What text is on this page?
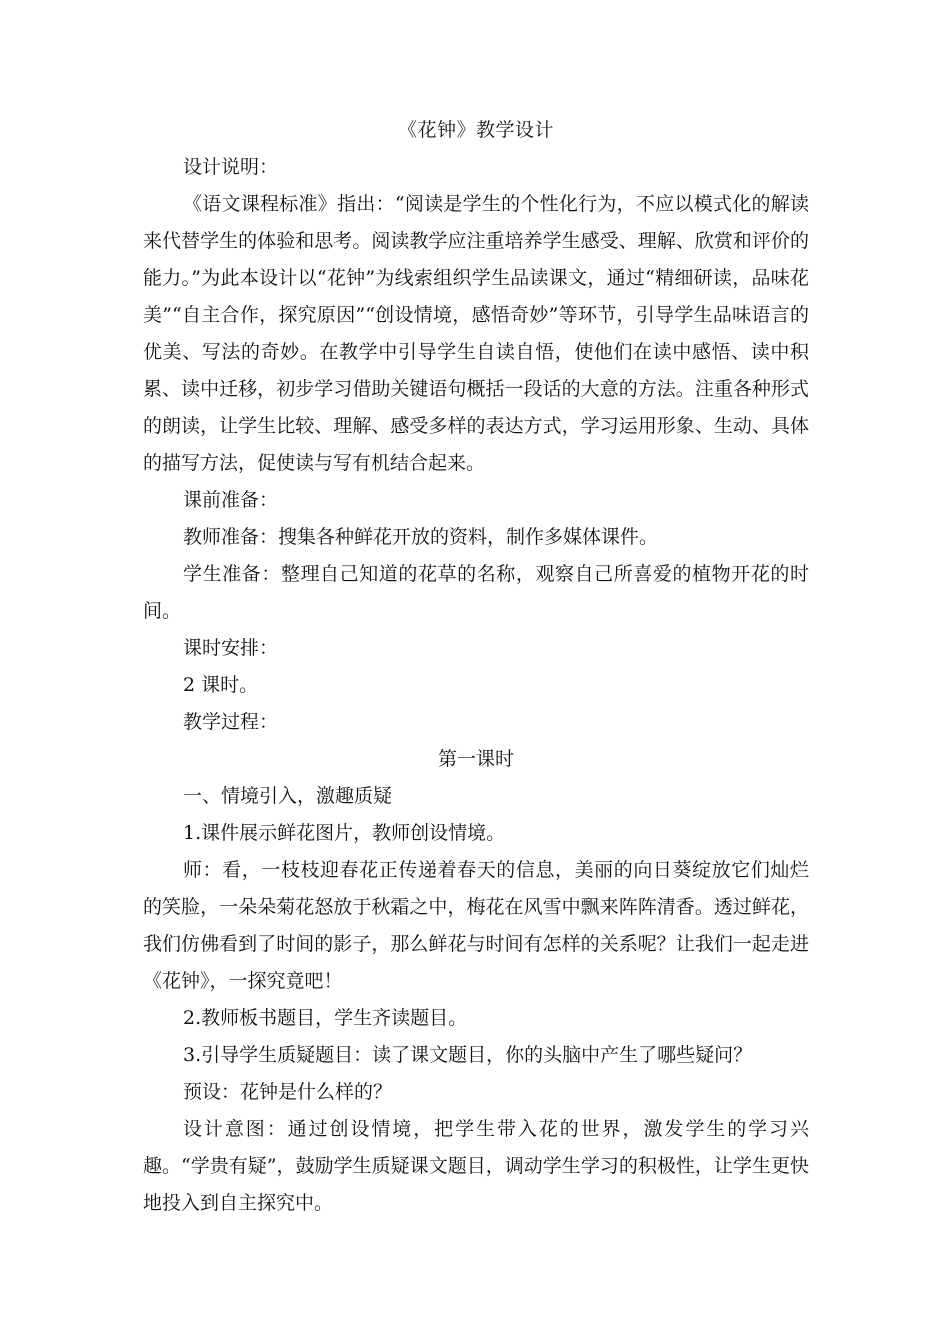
《花钟》教学设计

设计说明：

《语文课程标准》指出：“阅读是学生的个性化行为，不应以模式化的解读来代替学生的体验和思考。阅读教学应注重培养学生感受、理解、欣赏和评价的能力。”为此本设计以“花钟”为线索组织学生品读课文，通过“精细研读，品味花美”“自主合作，探究原因”“创设情境，感悟奇妙”等环节，引导学生品味语言的优美、写法的奇妙。在教学中引导学生自读自悟，使他们在读中感悟、读中积累、读中迁移，初步学习借助关键语句概括一段话的大意的方法。注重各种形式的朗读，让学生比较、理解、感受多样的表达方式，学习运用形象、生动、具体的描写方法，促使读与写有机结合起来。

课前准备：

教师准备：搜集各种鲜花开放的资料，制作多媒体课件。

学生准备：整理自己知道的花草的名称，观察自己所喜爱的植物开花的时间。

课时安排：

2 课时。

教学过程：

第一课时

一、情境引入，激趣质疑

1.课件展示鲜花图片，教师创设情境。

师：看，一枝枝迎春花正传递着春天的信息，美丽的向日葵绽放它们灿烂的笑脸，一朵朵菊花怒放于秋霜之中，梅花在风雪中飘来阵阵清香。透过鲜花，我们仿佛看到了时间的影子，那么鲜花与时间有怎样的关系呢？让我们一起走进《花钟》，一探究竟吧！

2.教师板书题目，学生齐读题目。

3.引导学生质疑题目：读了课文题目，你的头脑中产生了哪些疑问？

预设：花钟是什么样的？

设计意图：通过创设情境，把学生带入花的世界，激发学生的学习兴趣。“学贵有疑”，鼓励学生质疑课文题目，调动学生学习的积极性，让学生更快地投入到自主探究中。
